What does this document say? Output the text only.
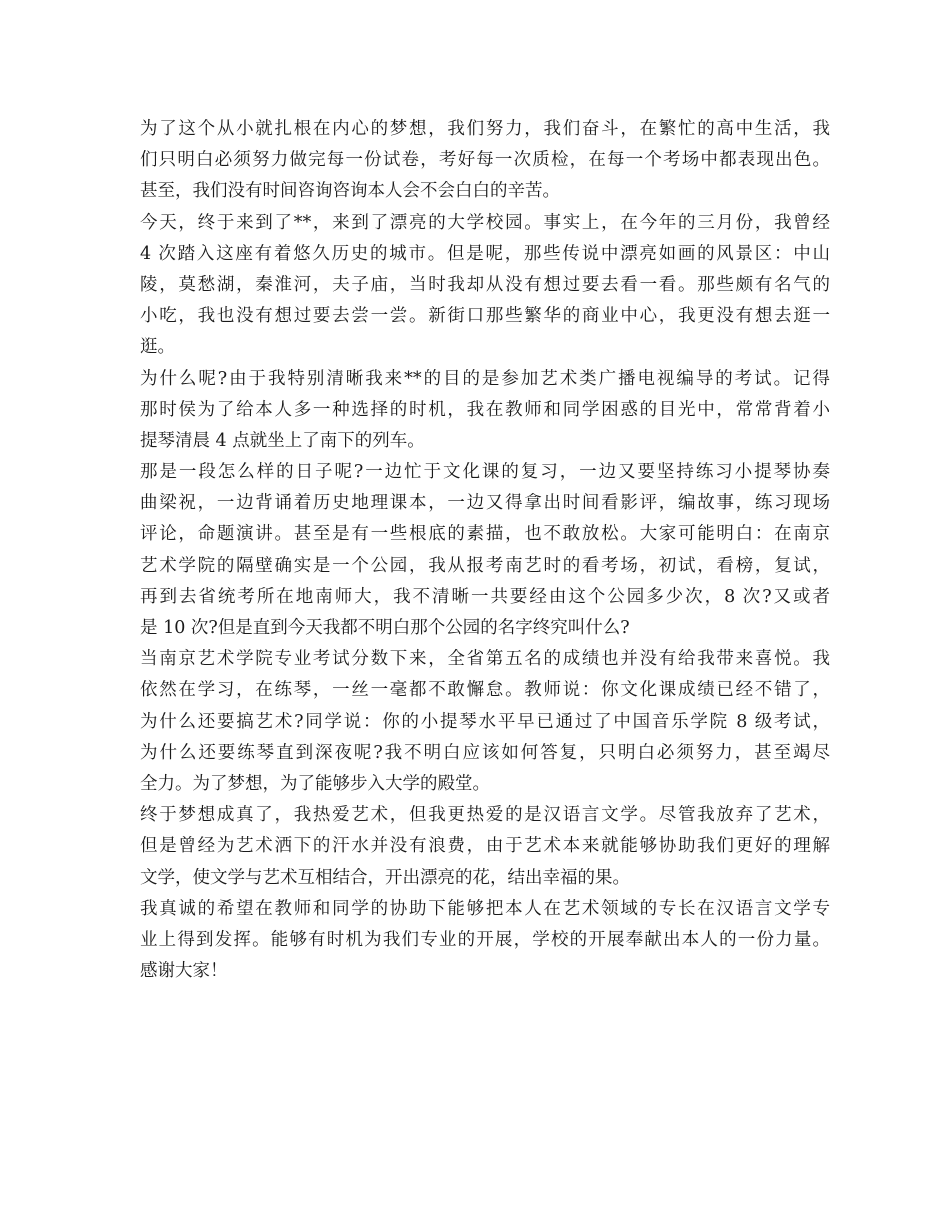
为了这个从小就扎根在内心的梦想，我们努力，我们奋斗，在繁忙的高中生活，我
们只明白必须努力做完每一份试卷，考好每一次质检，在每一个考场中都表现出色。
甚至，我们没有时间咨询咨询本人会不会白白的辛苦。
今天，终于来到了**，来到了漂亮的大学校园。事实上，在今年的三月份，我曾经
4 次踏入这座有着悠久历史的城市。但是呢，那些传说中漂亮如画的风景区：中山
陵，莫愁湖，秦淮河，夫子庙，当时我却从没有想过要去看一看。那些颇有名气的
小吃，我也没有想过要去尝一尝。新街口那些繁华的商业中心，我更没有想去逛一
逛。
为什么呢?由于我特别清晰我来**的目的是参加艺术类广播电视编导的考试。记得
那时侯为了给本人多一种选择的时机，我在教师和同学困惑的目光中，常常背着小
提琴清晨 4 点就坐上了南下的列车。
那是一段怎么样的日子呢?一边忙于文化课的复习，一边又要坚持练习小提琴协奏
曲梁祝，一边背诵着历史地理课本，一边又得拿出时间看影评，编故事，练习现场
评论，命题演讲。甚至是有一些根底的素描，也不敢放松。大家可能明白：在南京
艺术学院的隔壁确实是一个公园，我从报考南艺时的看考场，初试，看榜，复试，
再到去省统考所在地南师大，我不清晰一共要经由这个公园多少次，8 次?又或者
是 10 次?但是直到今天我都不明白那个公园的名字终究叫什么?
当南京艺术学院专业考试分数下来，全省第五名的成绩也并没有给我带来喜悦。我
依然在学习，在练琴，一丝一毫都不敢懈怠。教师说：你文化课成绩已经不错了，
为什么还要搞艺术?同学说：你的小提琴水平早已通过了中国音乐学院 8 级考试，
为什么还要练琴直到深夜呢?我不明白应该如何答复，只明白必须努力，甚至竭尽
全力。为了梦想，为了能够步入大学的殿堂。
终于梦想成真了，我热爱艺术，但我更热爱的是汉语言文学。尽管我放弃了艺术，
但是曾经为艺术洒下的汗水并没有浪费，由于艺术本来就能够协助我们更好的理解
文学，使文学与艺术互相结合，开出漂亮的花，结出幸福的果。
我真诚的希望在教师和同学的协助下能够把本人在艺术领域的专长在汉语言文学专
业上得到发挥。能够有时机为我们专业的开展，学校的开展奉献出本人的一份力量。
感谢大家！
